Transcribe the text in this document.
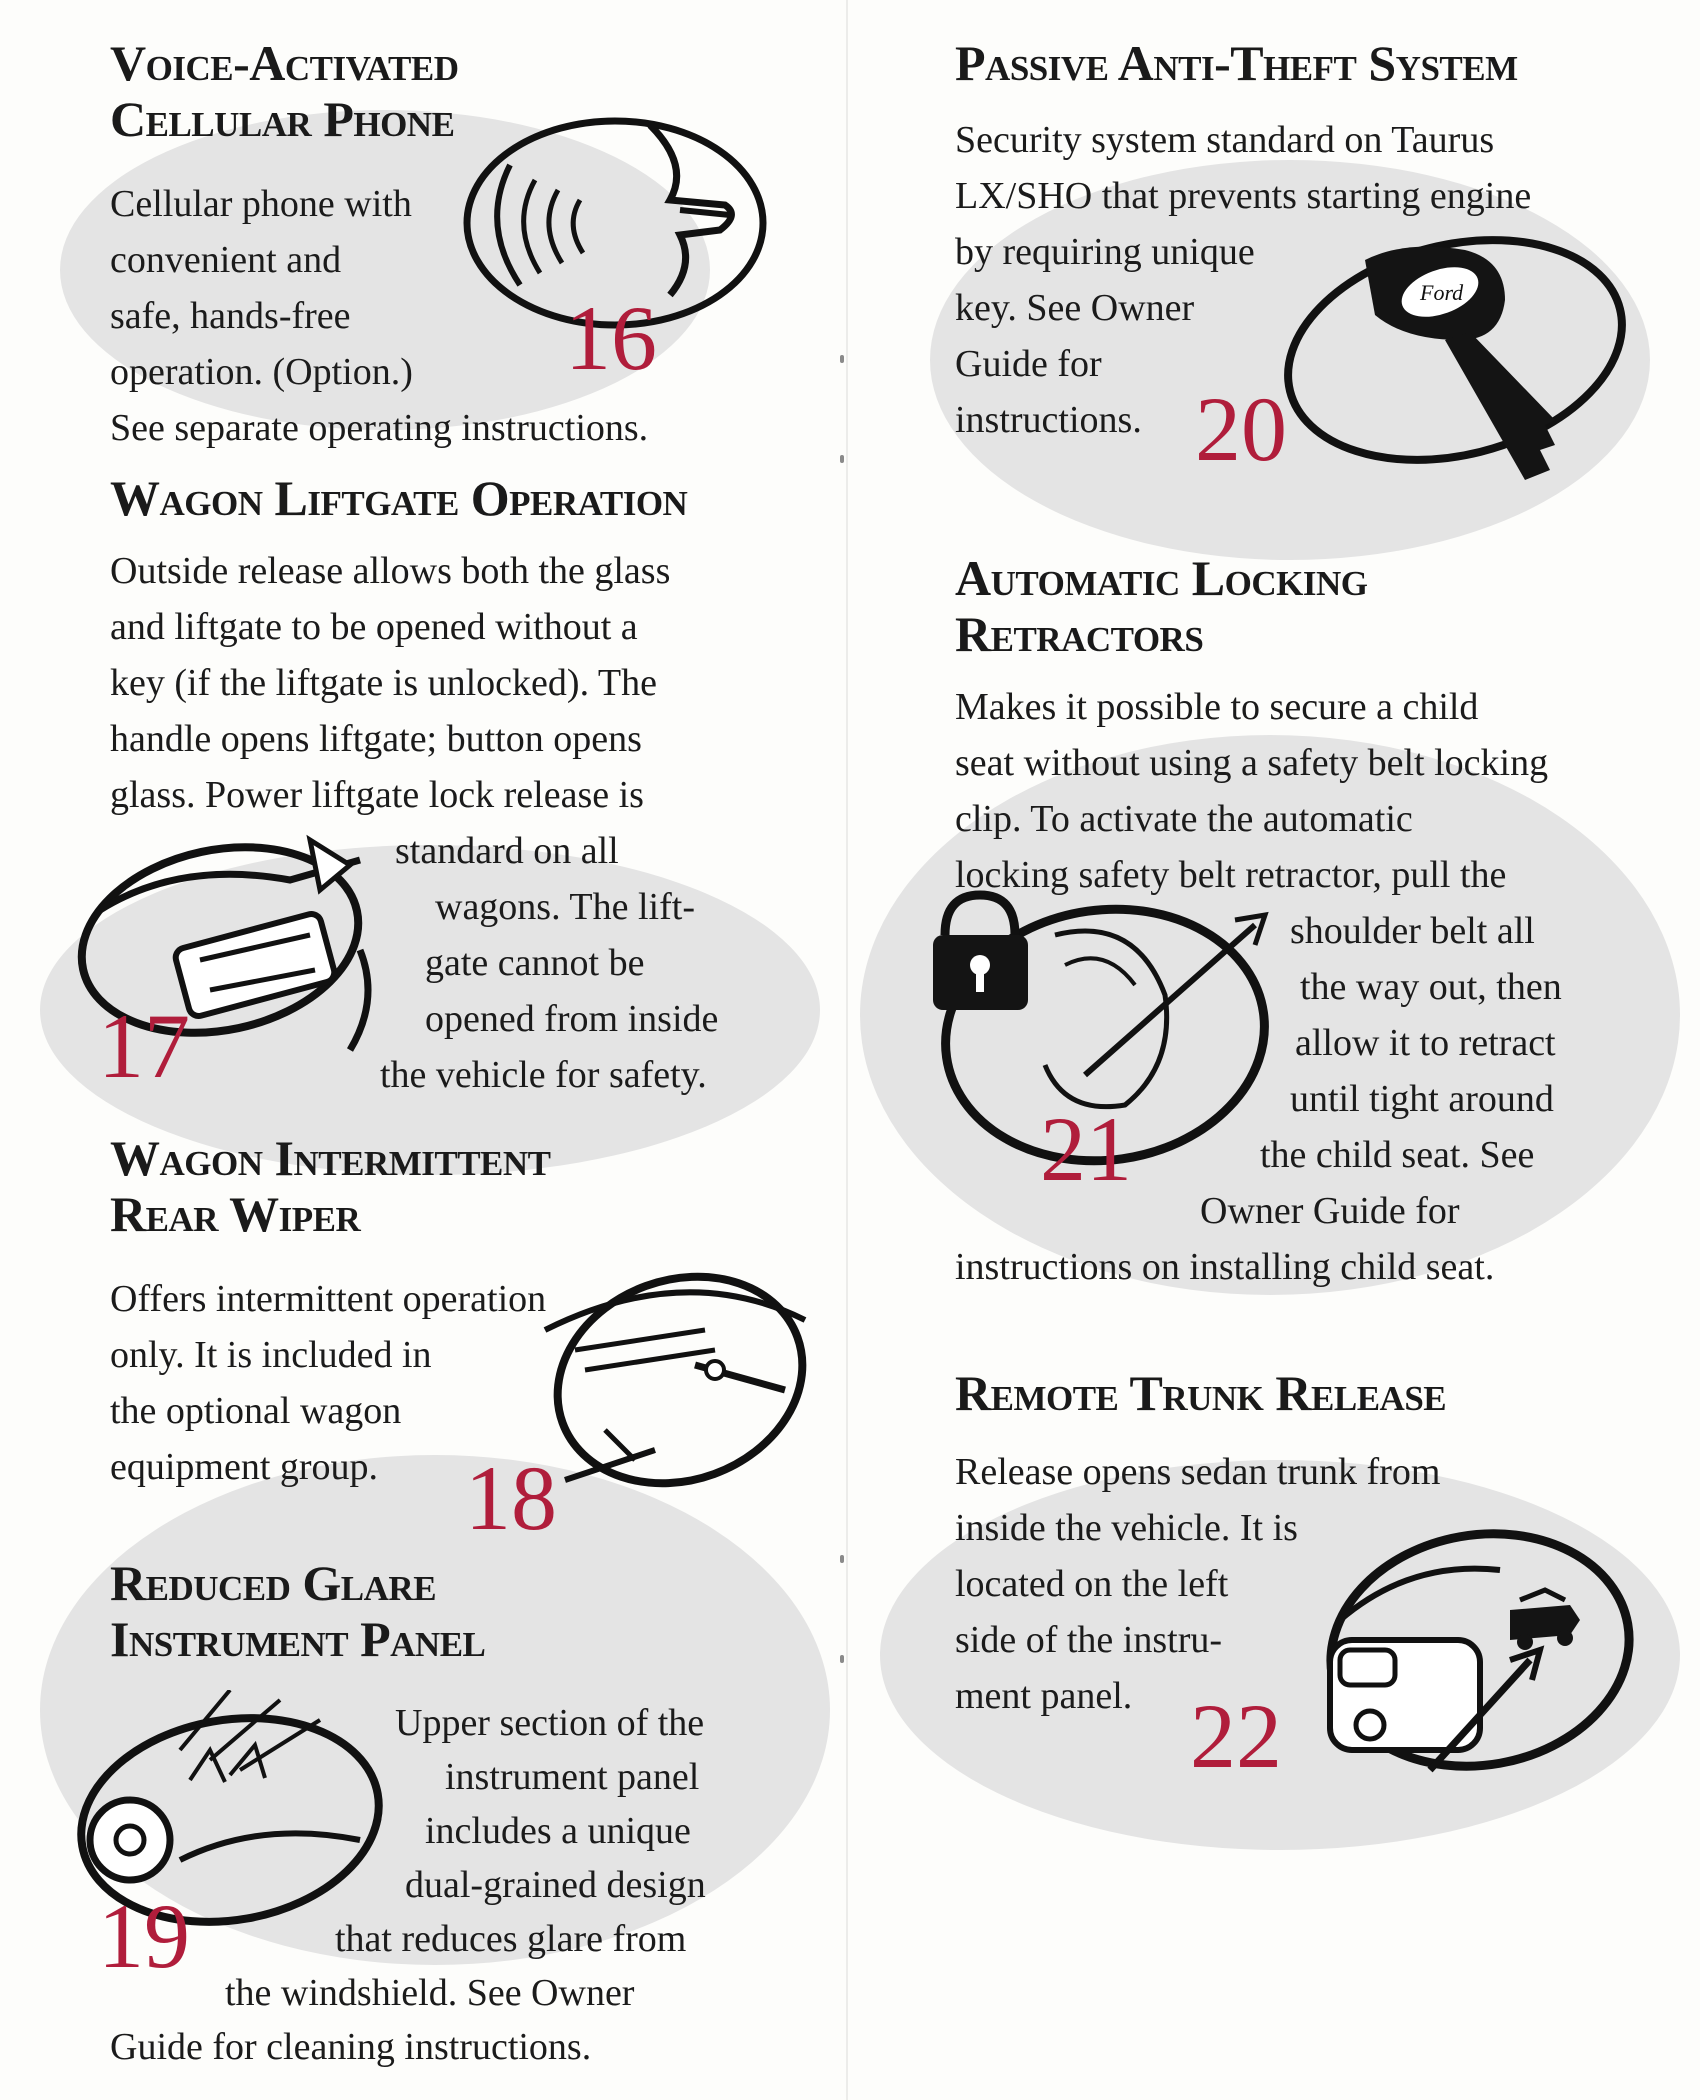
Voice-Activated
Cellular Phone
Cellular phone with
convenient and
safe, hands-free
operation. (Option.)
See separate operating instructions.
16
Wagon Liftgate Operation
Outside release allows both the glass
and liftgate to be opened without a
key (if the liftgate is unlocked). The
handle opens liftgate; button opens
glass. Power liftgate lock release is
standard on all
wagons. The lift-
gate cannot be
opened from inside
the vehicle for safety.
17
Wagon Intermittent
Rear Wiper
Offers intermittent operation
only. It is included in
the optional wagon
equipment group. 18
Reduced Glare
Instrument Panel
Upper section of the
instrument panel
includes a unique
dual-grained design
that reduces glare from
the windshield. See Owner
Guide for cleaning instructions.
19
Passive Anti-Theft System
Security system standard on Taurus
LX/SHO that prevents starting engine
by requiring unique
key. See Owner
Guide for
instructions.
Ford
20
Automatic Locking
Retractors
Makes it possible to secure a child
seat without using a safety belt locking
clip. To activate the automatic
locking safety belt retractor, pull the
shoulder belt all
the way out, then
allow it to retract
until tight around
the child seat. See
Owner Guide for
instructions on installing child seat.
21
Remote Trunk Release
Release opens sedan trunk from
inside the vehicle. It is
located on the left
side of the instru-
ment panel. 22
